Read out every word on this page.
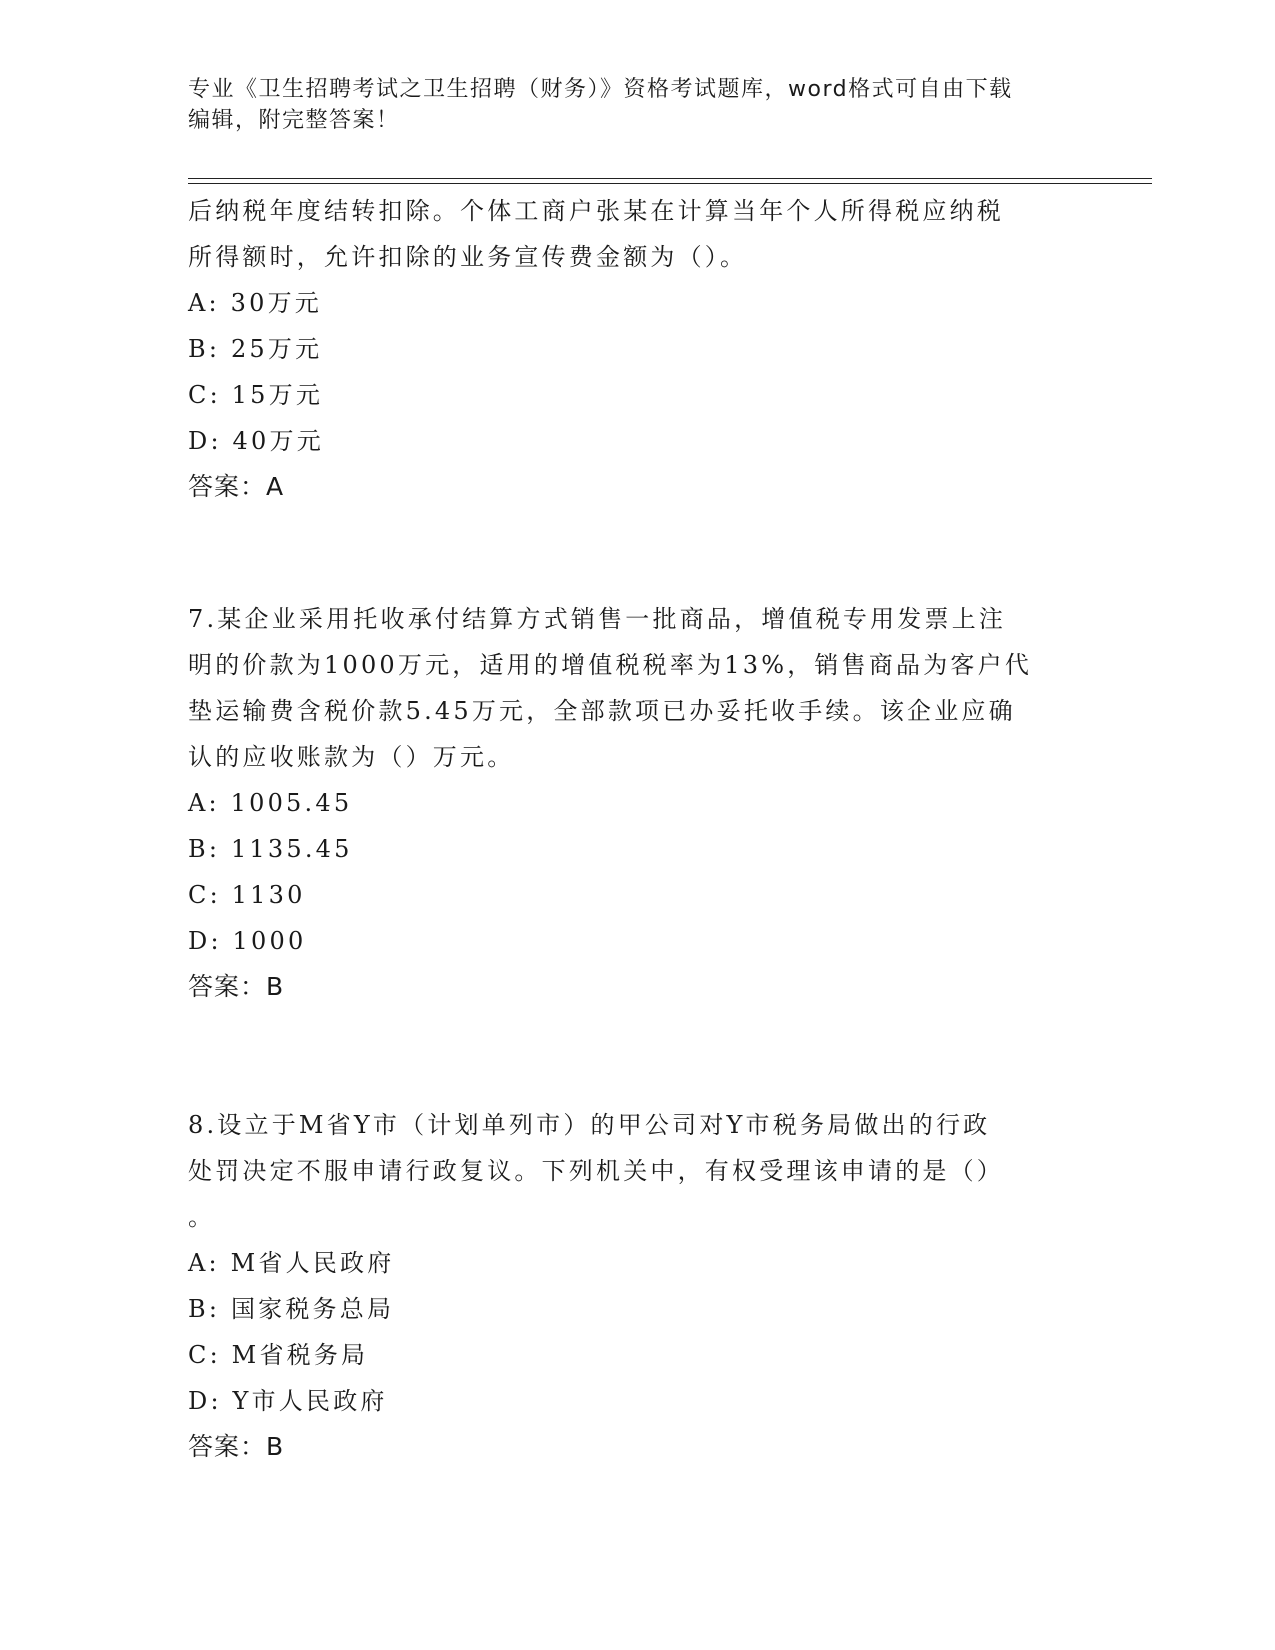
专业《卫生招聘考试之卫生招聘（财务）》资格考试题库，word格式可自由下载
编辑，附完整答案！
后纳税年度结转扣除。个体工商户张某在计算当年个人所得税应纳税
所得额时，允许扣除的业务宣传费金额为（）。
A: 30万元
B: 25万元
C: 15万元
D: 40万元
答案：A
7.某企业采用托收承付结算方式销售一批商品，增值税专用发票上注
明的价款为1000万元，适用的增值税税率为13%，销售商品为客户代
垫运输费含税价款5.45万元，全部款项已办妥托收手续。该企业应确
认的应收账款为（）万元。
A: 1005.45
B: 1135.45
C: 1130
D: 1000
答案：B
8.设立于M省Y市（计划单列市）的甲公司对Y市税务局做出的行政
处罚决定不服申请行政复议。下列机关中，有权受理该申请的是（）
。
A: M省人民政府
B: 国家税务总局
C: M省税务局
D: Y市人民政府
答案：B
